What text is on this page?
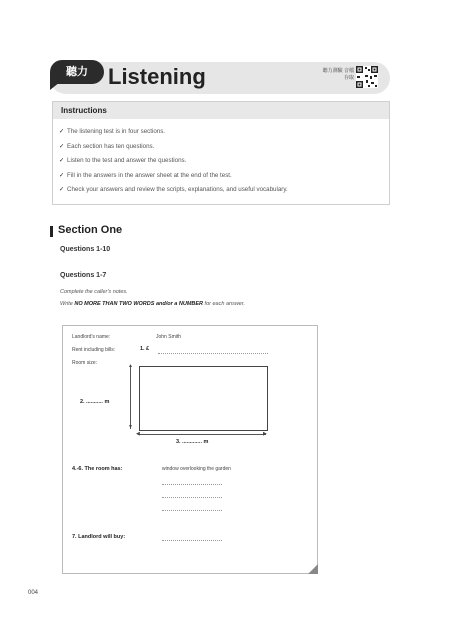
聽力 Listening	聽力測驗 音檔存取
Instructions
✓ The listening test is in four sections.
✓ Each section has ten questions.
✓ Listen to the test and answer the questions.
✓ Fill in the answers in the answer sheet at the end of the test.
✓ Check your answers and review the scripts, explanations, and useful vocabulary.
Section One
Questions 1-10
Questions 1-7
Complete the caller's notes.
Write NO MORE THAN TWO WORDS and/or a NUMBER for each answer.
Landlord's name:	John Smith
Rent including bills:	1. £
Room size:	▲
▼
2. ........... m
◀	▶
3. ............. m
4.-6. The room has:	window overlooking the garden
7. Landlord will buy:
004
